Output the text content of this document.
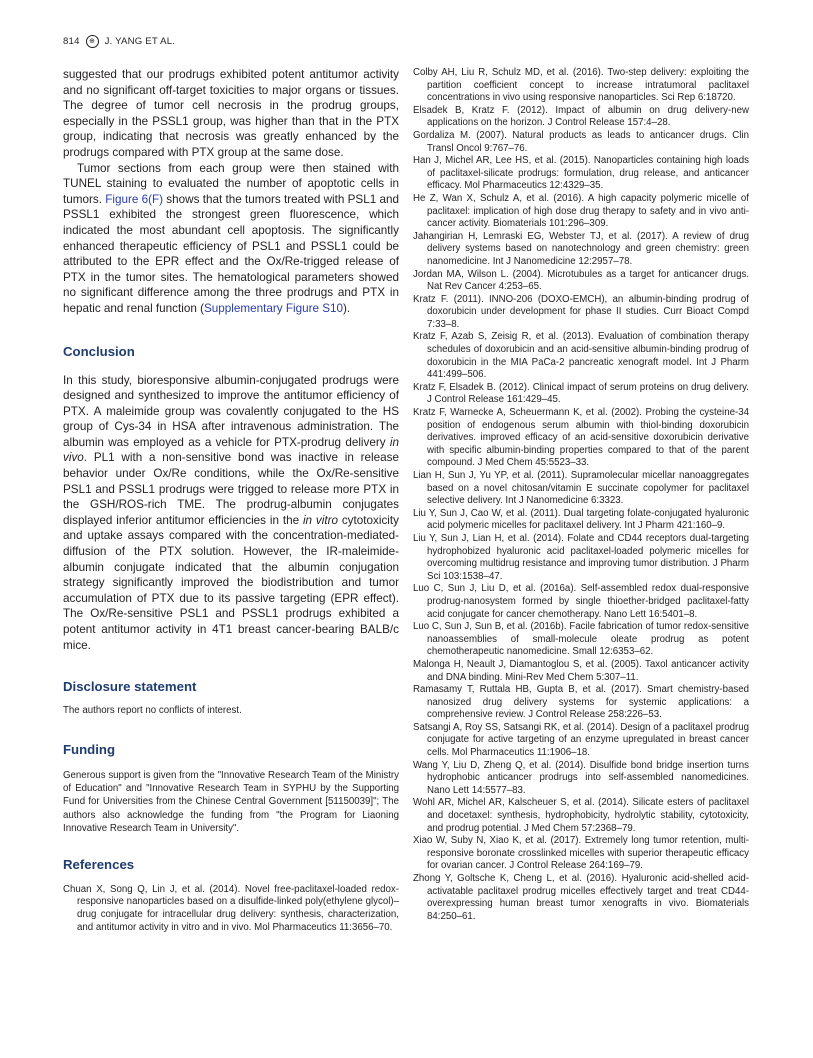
814	⊕ J. YANG ET AL.

suggested that our prodrugs exhibited potent antitumor activity and no significant off-target toxicities to major organs or tissues. The degree of tumor cell necrosis in the prodrug groups, especially in the PSSL1 group, was higher than that in the PTX group, indicating that necrosis was greatly enhanced by the prodrugs compared with PTX group at the same dose.

Tumor sections from each group were then stained with TUNEL staining to evaluated the number of apoptotic cells in tumors. Figure 6(F) shows that the tumors treated with PSL1 and PSSL1 exhibited the strongest green fluorescence, which indicated the most abundant cell apoptosis. The significantly enhanced therapeutic efficiency of PSL1 and PSSL1 could be attributed to the EPR effect and the Ox/Re-trigged release of PTX in the tumor sites. The hematological parameters showed no significant difference among the three prodrugs and PTX in hepatic and renal function (Supplementary Figure S10).

Conclusion

In this study, bioresponsive albumin-conjugated prodrugs were designed and synthesized to improve the antitumor efficiency of PTX. A maleimide group was covalently conjugated to the HS group of Cys-34 in HSA after intravenous administration. The albumin was employed as a vehicle for PTX-prodrug delivery in vivo. PL1 with a non-sensitive bond was inactive in release behavior under Ox/Re conditions, while the Ox/Re-sensitive PSL1 and PSSL1 prodrugs were trigged to release more PTX in the GSH/ROS-rich TME. The prodrug-albumin conjugates displayed inferior antitumor efficiencies in the in vitro cytotoxicity and uptake assays compared with the concentration-mediated-diffusion of the PTX solution. However, the IR-maleimide-albumin conjugate indicated that the albumin conjugation strategy significantly improved the biodistribution and tumor accumulation of PTX due to its passive targeting (EPR effect). The Ox/Re-sensitive PSL1 and PSSL1 prodrugs exhibited a potent antitumor activity in 4T1 breast cancer-bearing BALB/c mice.

Disclosure statement

The authors report no conflicts of interest.

Funding

Generous support is given from the "Innovative Research Team of the Ministry of Education" and "Innovative Research Team in SYPHU by the Supporting Fund for Universities from the Chinese Central Government [51150039]"; The authors also acknowledge the funding from "the Program for Liaoning Innovative Research Team in University".

References

Chuan X, Song Q, Lin J, et al. (2014). Novel free-paclitaxel-loaded redox-responsive nanoparticles based on a disulfide-linked poly(ethylene glycol)–drug conjugate for intracellular drug delivery: synthesis, characterization, and antitumor activity in vitro and in vivo. Mol Pharmaceutics 11:3656–70.

Colby AH, Liu R, Schulz MD, et al. (2016). Two-step delivery: exploiting the partition coefficient concept to increase intratumoral paclitaxel concentrations in vivo using responsive nanoparticles. Sci Rep 6:18720.

Elsadek B, Kratz F. (2012). Impact of albumin on drug delivery-new applications on the horizon. J Control Release 157:4–28.

Gordaliza M. (2007). Natural products as leads to anticancer drugs. Clin Transl Oncol 9:767–76.

Han J, Michel AR, Lee HS, et al. (2015). Nanoparticles containing high loads of paclitaxel-silicate prodrugs: formulation, drug release, and anticancer efficacy. Mol Pharmaceutics 12:4329–35.

He Z, Wan X, Schulz A, et al. (2016). A high capacity polymeric micelle of paclitaxel: implication of high dose drug therapy to safety and in vivo anti-cancer activity. Biomaterials 101:296–309.

Jahangirian H, Lemraski EG, Webster TJ, et al. (2017). A review of drug delivery systems based on nanotechnology and green chemistry: green nanomedicine. Int J Nanomedicine 12:2957–78.

Jordan MA, Wilson L. (2004). Microtubules as a target for anticancer drugs. Nat Rev Cancer 4:253–65.

Kratz F. (2011). INNO-206 (DOXO-EMCH), an albumin-binding prodrug of doxorubicin under development for phase II studies. Curr Bioact Compd 7:33–8.

Kratz F, Azab S, Zeisig R, et al. (2013). Evaluation of combination therapy schedules of doxorubicin and an acid-sensitive albumin-binding prodrug of doxorubicin in the MIA PaCa-2 pancreatic xenograft model. Int J Pharm 441:499–506.

Kratz F, Elsadek B. (2012). Clinical impact of serum proteins on drug delivery. J Control Release 161:429–45.

Kratz F, Warnecke A, Scheuermann K, et al. (2002). Probing the cysteine-34 position of endogenous serum albumin with thiol-binding doxorubicin derivatives. improved efficacy of an acid-sensitive doxorubicin derivative with specific albumin-binding properties compared to that of the parent compound. J Med Chem 45:5523–33.

Lian H, Sun J, Yu YP, et al. (2011). Supramolecular micellar nanoaggregates based on a novel chitosan/vitamin E succinate copolymer for paclitaxel selective delivery. Int J Nanomedicine 6:3323.

Liu Y, Sun J, Cao W, et al. (2011). Dual targeting folate-conjugated hyaluronic acid polymeric micelles for paclitaxel delivery. Int J Pharm 421:160–9.

Liu Y, Sun J, Lian H, et al. (2014). Folate and CD44 receptors dual-targeting hydrophobized hyaluronic acid paclitaxel-loaded polymeric micelles for overcoming multidrug resistance and improving tumor distribution. J Pharm Sci 103:1538–47.

Luo C, Sun J, Liu D, et al. (2016a). Self-assembled redox dual-responsive prodrug-nanosystem formed by single thioether-bridged paclitaxel-fatty acid conjugate for cancer chemotherapy. Nano Lett 16:5401–8.

Luo C, Sun J, Sun B, et al. (2016b). Facile fabrication of tumor redox-sensitive nanoassemblies of small-molecule oleate prodrug as potent chemotherapeutic nanomedicine. Small 12:6353–62.

Malonga H, Neault J, Diamantoglou S, et al. (2005). Taxol anticancer activity and DNA binding. Mini-Rev Med Chem 5:307–11.

Ramasamy T, Ruttala HB, Gupta B, et al. (2017). Smart chemistry-based nanosized drug delivery systems for systemic applications: a comprehensive review. J Control Release 258:226–53.

Satsangi A, Roy SS, Satsangi RK, et al. (2014). Design of a paclitaxel prodrug conjugate for active targeting of an enzyme upregulated in breast cancer cells. Mol Pharmaceutics 11:1906–18.

Wang Y, Liu D, Zheng Q, et al. (2014). Disulfide bond bridge insertion turns hydrophobic anticancer prodrugs into self-assembled nanomedicines. Nano Lett 14:5577–83.

Wohl AR, Michel AR, Kalscheuer S, et al. (2014). Silicate esters of paclitaxel and docetaxel: synthesis, hydrophobicity, hydrolytic stability, cytotoxicity, and prodrug potential. J Med Chem 57:2368–79.

Xiao W, Suby N, Xiao K, et al. (2017). Extremely long tumor retention, multi-responsive boronate crosslinked micelles with superior therapeutic efficacy for ovarian cancer. J Control Release 264:169–79.

Zhong Y, Goltsche K, Cheng L, et al. (2016). Hyaluronic acid-shelled acid-activatable paclitaxel prodrug micelles effectively target and treat CD44-overexpressing human breast tumor xenografts in vivo. Biomaterials 84:250–61.
